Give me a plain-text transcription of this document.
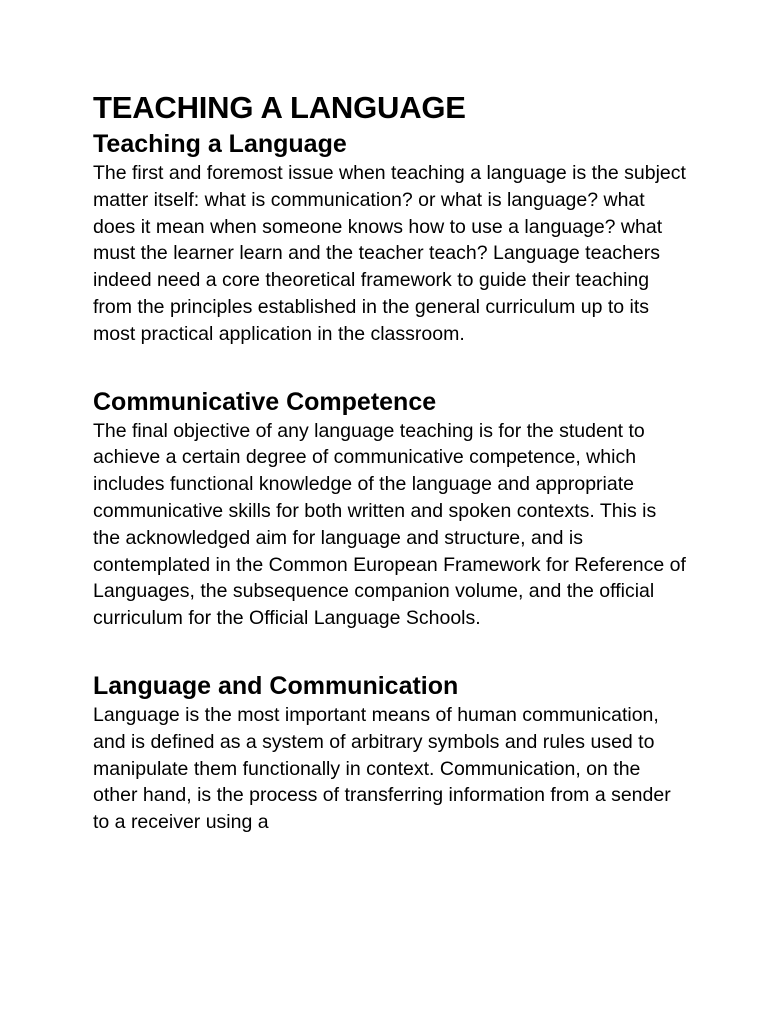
TEACHING A LANGUAGE
Teaching a Language

The first and foremost issue when teaching a language is the subject matter itself: what is communication? or what is language? what does it mean when someone knows how to use a language? what must the learner learn and the teacher teach? Language teachers indeed need a core theoretical framework to guide their teaching from the principles established in the general curriculum up to its most practical application in the classroom.

Communicative Competence

The final objective of any language teaching is for the student to achieve a certain degree of communicative competence, which includes functional knowledge of the language and appropriate communicative skills for both written and spoken contexts. This is the acknowledged aim for language and structure, and is contemplated in the Common European Framework for Reference of Languages, the subsequence companion volume, and the official curriculum for the Official Language Schools.

Language and Communication

Language is the most important means of human communication, and is defined as a system of arbitrary symbols and rules used to manipulate them functionally in context. Communication, on the other hand, is the process of transferring information from a sender to a receiver using a
